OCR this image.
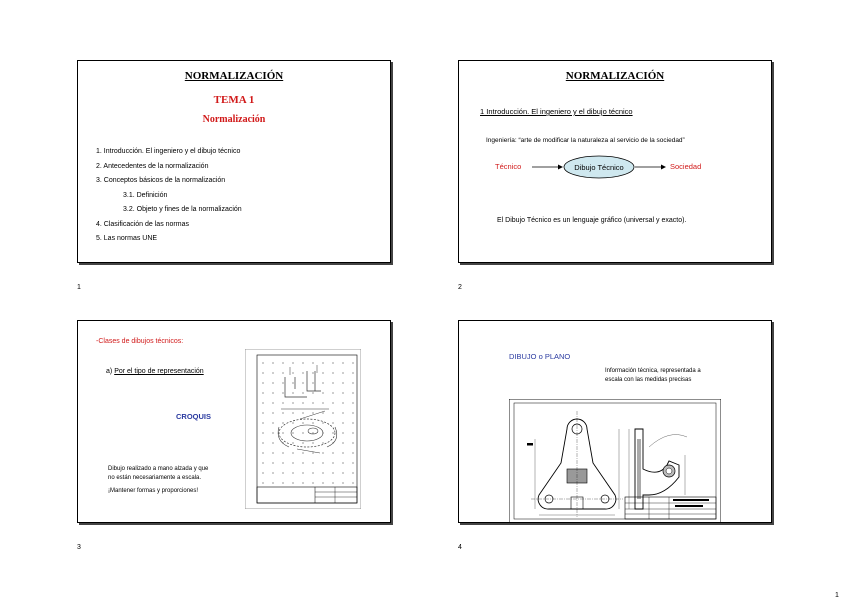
NORMALIZACIÓN
TEMA 1
Normalización
1. Introducción. El ingeniero y el dibujo técnico
2. Antecedentes de la normalización
3. Conceptos básicos de la normalización
3.1. Definición
3.2. Objeto y fines de la normalización
4. Clasificación de las normas
5. Las normas UNE
1
NORMALIZACIÓN
1 Introducción. El ingeniero y el dibujo técnico
Ingeniería: “arte de modificar la naturaleza al servicio de la sociedad”
Técnico	Dibujo Técnico	Sociedad
El Dibujo Técnico es un lenguaje gráfico (universal y exacto).
2
-Clases de dibujos técnicos:
a) Por el tipo de representación
CROQUIS
Dibujo realizado a mano alzada y que
no están necesariamente a escala.
¡Mantener formas y proporciones!
3
DIBUJO o PLANO
Información técnica, representada a
escala con las medidas precisas
4
1
